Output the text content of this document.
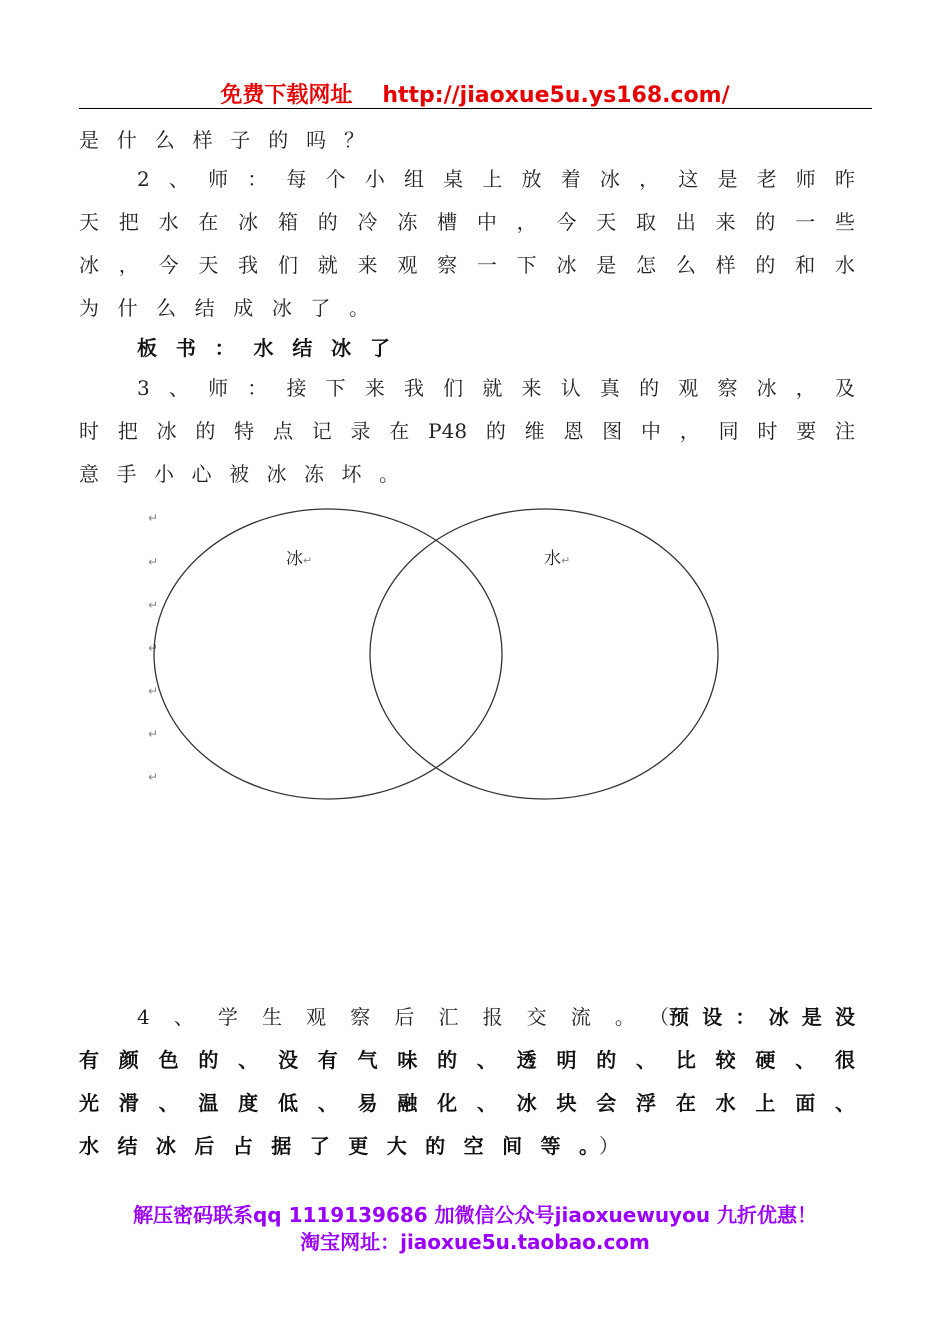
免费下载网址 http://jiaoxue5u.ys168.com/
是什么样子的吗？
2、师：每个小组桌上放着冰，这是老师昨
天把水在冰箱的冷冻槽中，今天取出来的一些
冰，今天我们就来观察一下冰是怎么样的和水
为什么结成冰了。
板书：水结冰了
3、师：接下来我们就来认真的观察冰，及
时把冰的特点记录在P48的维恩图中，同时要注
意手小心被冰冻坏。
↵
↵
↵
↵
↵
↵
↵
冰 ↵	水 ↵
4、学生观察后汇报交流。（预设：冰是没
有颜色的、没有气味的、透明的、比较硬、很
光滑、温度低、易融化、冰块会浮在水上面、
水结冰后占据了更大的空间等。）
解压密码联系qq 1119139686 加微信公众号jiaoxuewuyou 九折优惠！
淘宝网址：jiaoxue5u.taobao.com
